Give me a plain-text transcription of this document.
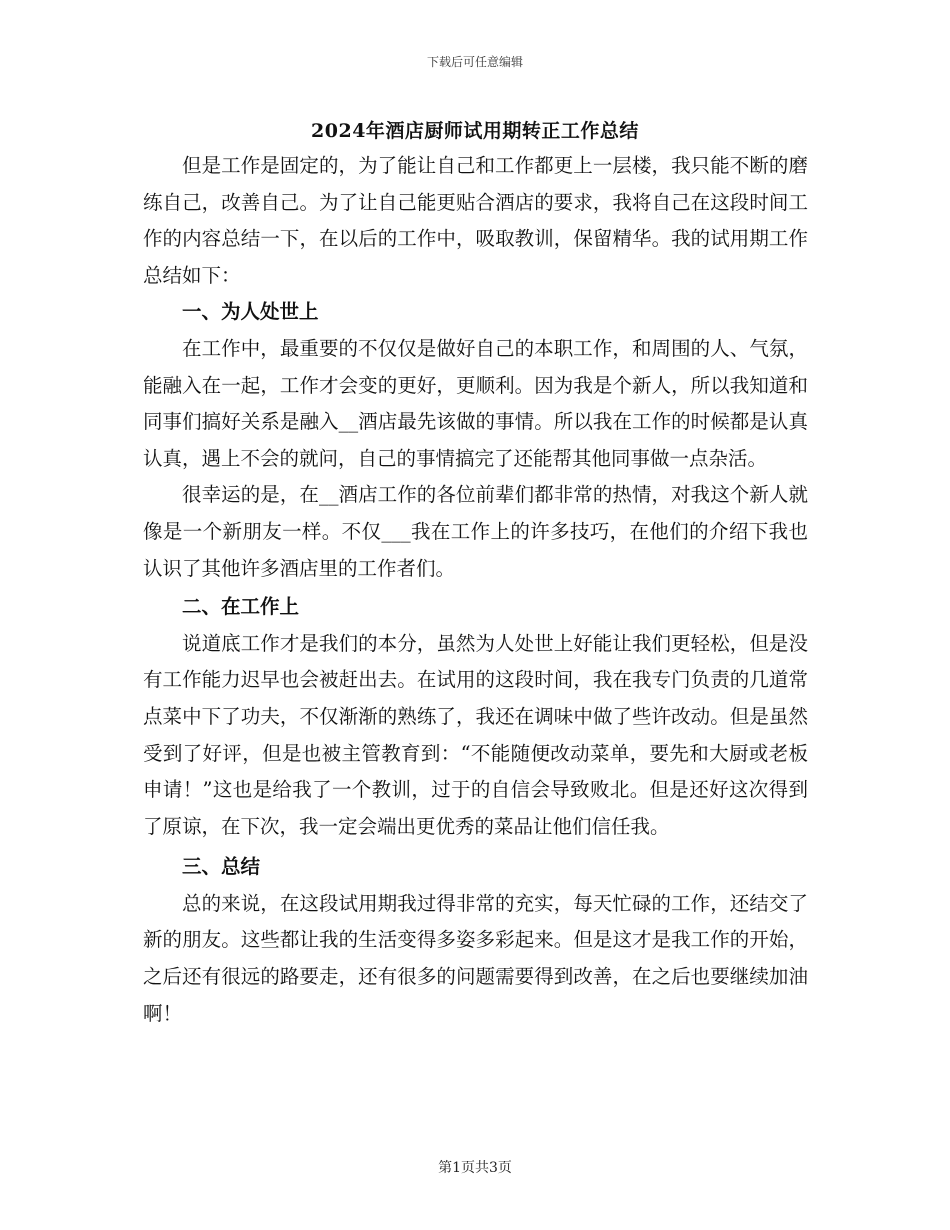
下载后可任意编辑
2024年酒店厨师试用期转正工作总结

但是工作是固定的，为了能让自己和工作都更上一层楼，我只能不断的磨练自己，改善自己。为了让自己能更贴合酒店的要求，我将自己在这段时间工作的内容总结一下，在以后的工作中，吸取教训，保留精华。我的试用期工作总结如下：

一、为人处世上

在工作中，最重要的不仅仅是做好自己的本职工作，和周围的人、气氛，能融入在一起，工作才会变的更好，更顺利。因为我是个新人，所以我知道和同事们搞好关系是融入__酒店最先该做的事情。所以我在工作的时候都是认真认真，遇上不会的就问，自己的事情搞完了还能帮其他同事做一点杂活。

很幸运的是，在__酒店工作的各位前辈们都非常的热情，对我这个新人就像是一个新朋友一样。不仅___我在工作上的许多技巧，在他们的介绍下我也认识了其他许多酒店里的工作者们。

二、在工作上

说道底工作才是我们的本分，虽然为人处世上好能让我们更轻松，但是没有工作能力迟早也会被赶出去。在试用的这段时间，我在我专门负责的几道常点菜中下了功夫，不仅渐渐的熟练了，我还在调味中做了些许改动。但是虽然受到了好评，但是也被主管教育到：“不能随便改动菜单，要先和大厨或老板申请！”这也是给我了一个教训，过于的自信会导致败北。但是还好这次得到了原谅，在下次，我一定会端出更优秀的菜品让他们信任我。

三、总结

总的来说，在这段试用期我过得非常的充实，每天忙碌的工作，还结交了新的朋友。这些都让我的生活变得多姿多彩起来。但是这才是我工作的开始，之后还有很远的路要走，还有很多的问题需要得到改善，在之后也要继续加油啊！

第1页共3页
